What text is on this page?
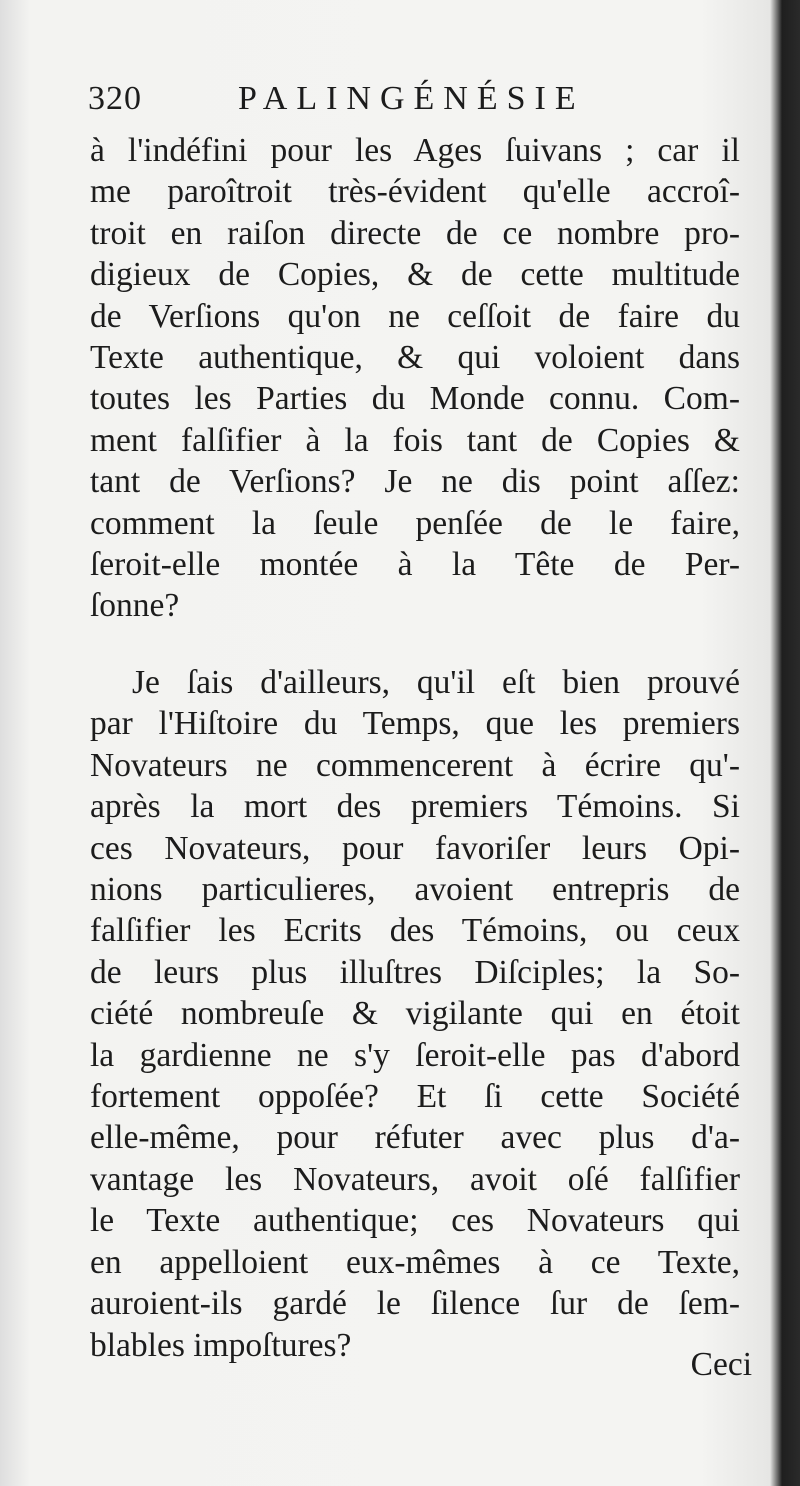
320	PALINGÉNÉSIE
à l'indéfini pour les Ages ſuivans ; car il
me paroîtroit très-évident qu'elle accroî-
troit en raiſon directe de ce nombre pro-
digieux de Copies, & de cette multitude
de Verſions qu'on ne ceſſoit de faire du
Texte authentique, & qui voloient dans
toutes les Parties du Monde connu. Com-
ment falſifier à la fois tant de Copies &
tant de Verſions? Je ne dis point aſſez:
comment la ſeule penſée de le faire,
ſeroit-elle montée à la Tête de Per-
ſonne?
Je ſais d'ailleurs, qu'il eſt bien prouvé
par l'Hiſtoire du Temps, que les premiers
Novateurs ne commencerent à écrire qu'-
après la mort des premiers Témoins. Si
ces Novateurs, pour favoriſer leurs Opi-
nions particulieres, avoient entrepris de
falſifier les Ecrits des Témoins, ou ceux
de leurs plus illuſtres Diſciples; la So-
ciété nombreuſe & vigilante qui en étoit
la gardienne ne s'y ſeroit-elle pas d'abord
fortement oppoſée? Et ſi cette Société
elle-même, pour réfuter avec plus d'a-
vantage les Novateurs, avoit oſé falſifier
le Texte authentique; ces Novateurs qui
en appelloient eux-mêmes à ce Texte,
auroient-ils gardé le ſilence ſur de ſem-
blables impoſtures?
Ceci
